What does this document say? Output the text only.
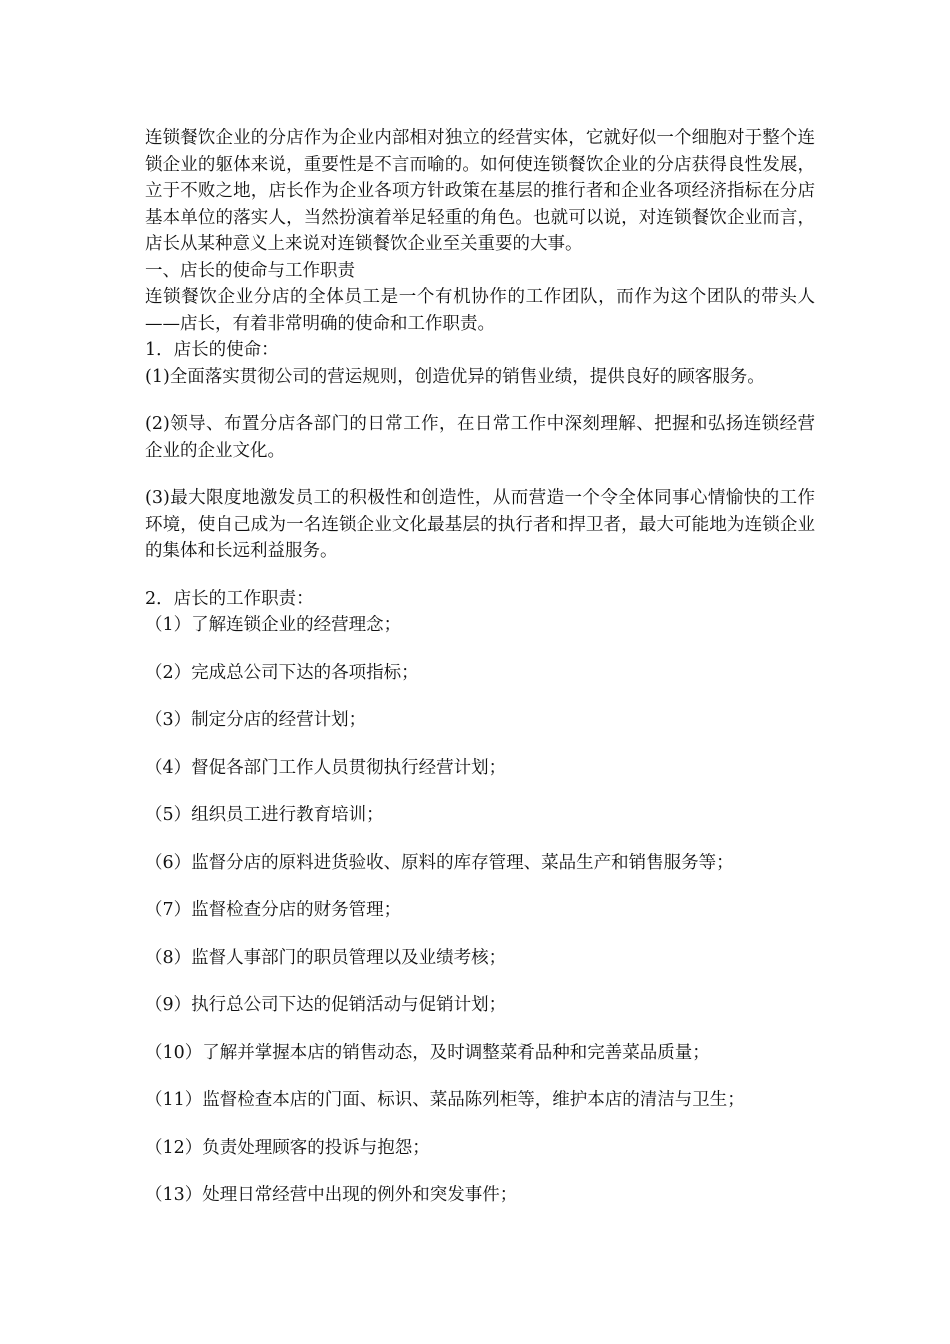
连锁餐饮企业的分店作为企业内部相对独立的经营实体，它就好似一个细胞对于整个连锁企业的躯体来说，重要性是不言而喻的。如何使连锁餐饮企业的分店获得良性发展，立于不败之地，店长作为企业各项方针政策在基层的推行者和企业各项经济指标在分店基本单位的落实人，当然扮演着举足轻重的角色。也就可以说，对连锁餐饮企业而言，店长从某种意义上来说对连锁餐饮企业至关重要的大事。

一、店长的使命与工作职责

连锁餐饮企业分店的全体员工是一个有机协作的工作团队，而作为这个团队的带头人——店长，有着非常明确的使命和工作职责。

1．店长的使命：

(1)全面落实贯彻公司的营运规则，创造优异的销售业绩，提供良好的顾客服务。

(2)领导、布置分店各部门的日常工作，在日常工作中深刻理解、把握和弘扬连锁经营企业的企业文化。

(3)最大限度地激发员工的积极性和创造性，从而营造一个令全体同事心情愉快的工作环境，使自己成为一名连锁企业文化最基层的执行者和捍卫者，最大可能地为连锁企业的集体和长远利益服务。

2．店长的工作职责：

（1）了解连锁企业的经营理念；

（2）完成总公司下达的各项指标；

（3）制定分店的经营计划；

（4）督促各部门工作人员贯彻执行经营计划；

（5）组织员工进行教育培训；

（6）监督分店的原料进货验收、原料的库存管理、菜品生产和销售服务等；

（7）监督检查分店的财务管理；

（8）监督人事部门的职员管理以及业绩考核；

（9）执行总公司下达的促销活动与促销计划；

（10）了解并掌握本店的销售动态，及时调整菜肴品种和完善菜品质量；

（11）监督检查本店的门面、标识、菜品陈列柜等，维护本店的清洁与卫生；

（12）负责处理顾客的投诉与抱怨；

（13）处理日常经营中出现的例外和突发事件；
